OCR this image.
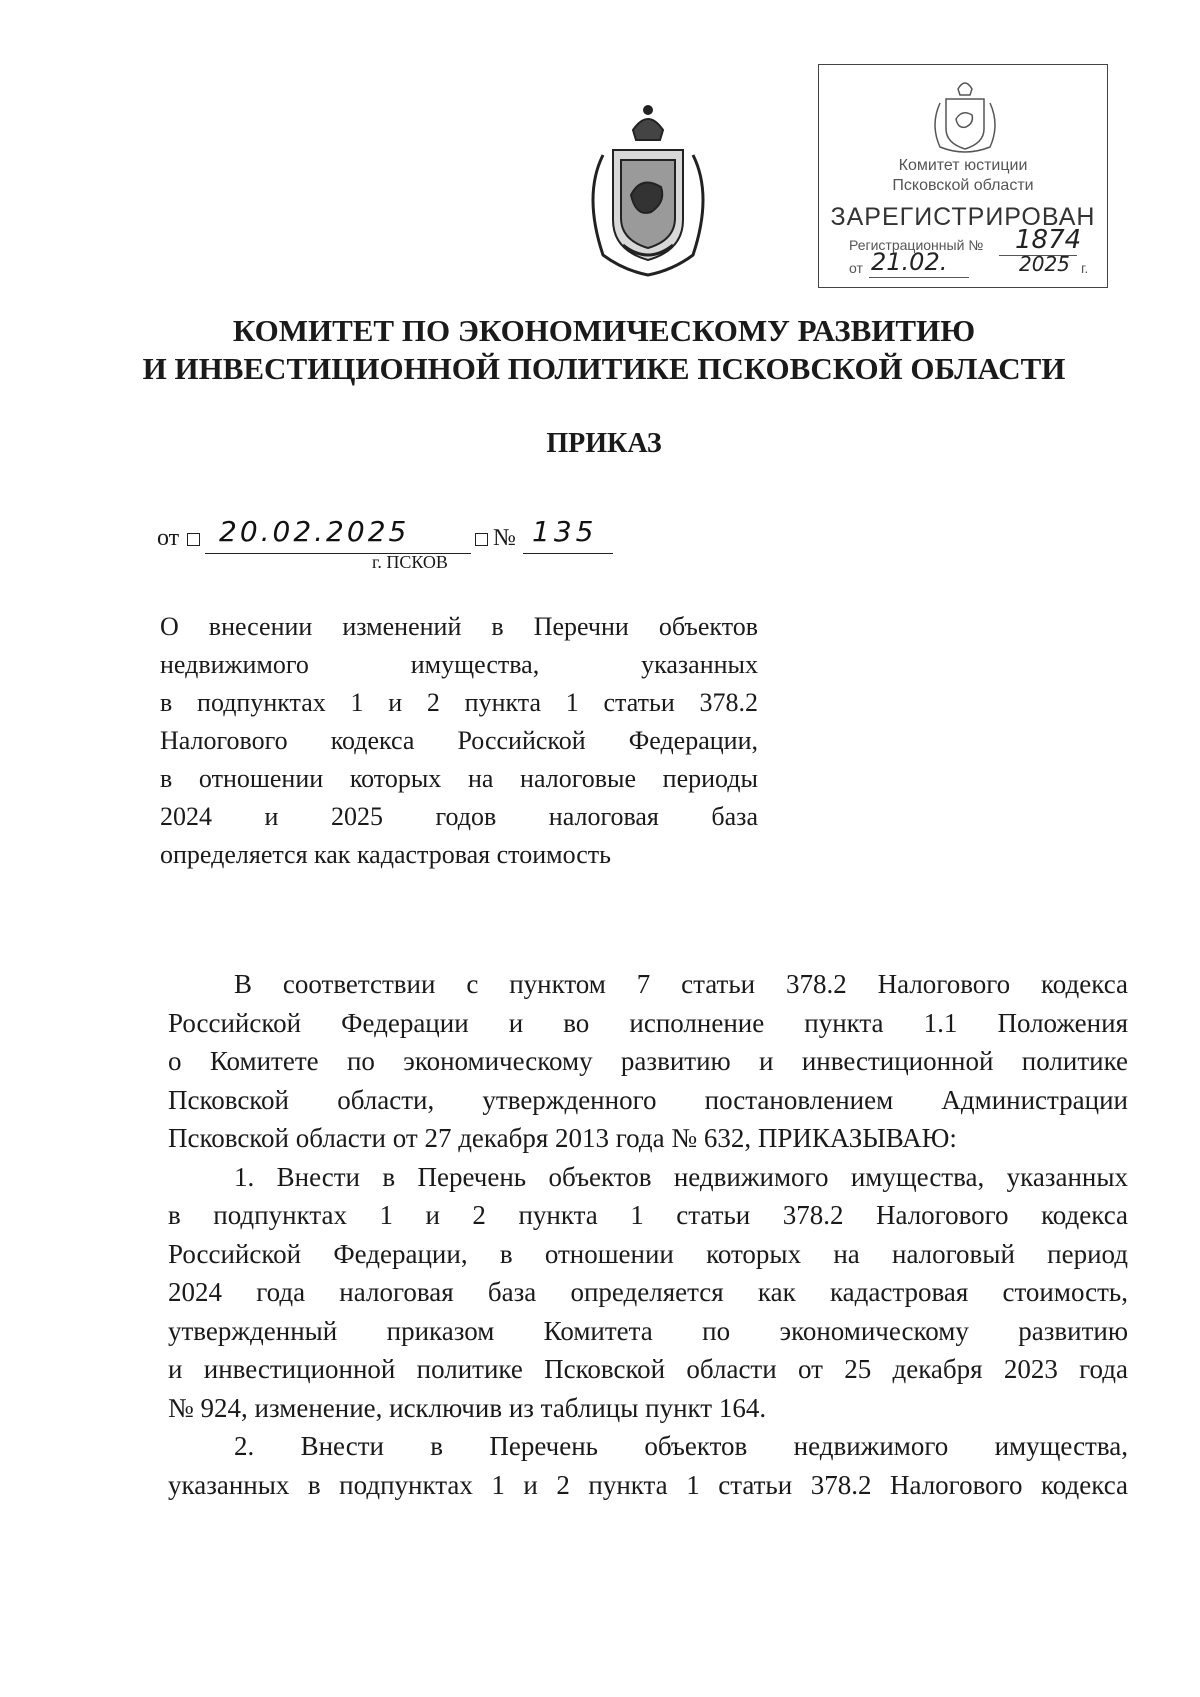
Комитет юстиции
Псковской области
ЗАРЕГИСТРИРОВАН
Регистрационный № 1874
от 21.02.	2025 г.
КОМИТЕТ ПО ЭКОНОМИЧЕСКОМУ РАЗВИТИЮ
И ИНВЕСТИЦИОННОЙ ПОЛИТИКЕ ПСКОВСКОЙ ОБЛАСТИ
ПРИКАЗ
от 20.02.2025	№ 135
г. ПСКОВ
О внесении изменений в Перечни объектов
недвижимого имущества, указанных
в подпунктах 1 и 2 пункта 1 статьи 378.2
Налогового кодекса Российской Федерации,
в отношении которых на налоговые периоды
2024 и 2025 годов налоговая база
определяется как кадастровая стоимость
В соответствии с пунктом 7 статьи 378.2 Налогового кодекса
Российской Федерации и во исполнение пункта 1.1 Положения
о Комитете по экономическому развитию и инвестиционной политике
Псковской области, утвержденного постановлением Администрации
Псковской области от 27 декабря 2013 года № 632, ПРИКАЗЫВАЮ:
1. Внести в Перечень объектов недвижимого имущества, указанных
в подпунктах 1 и 2 пункта 1 статьи 378.2 Налогового кодекса
Российской Федерации, в отношении которых на налоговый период
2024 года налоговая база определяется как кадастровая стоимость,
утвержденный приказом Комитета по экономическому развитию
и инвестиционной политике Псковской области от 25 декабря 2023 года
№ 924, изменение, исключив из таблицы пункт 164.
2. Внести в Перечень объектов недвижимого имущества,
указанных в подпунктах 1 и 2 пункта 1 статьи 378.2 Налогового кодекса
